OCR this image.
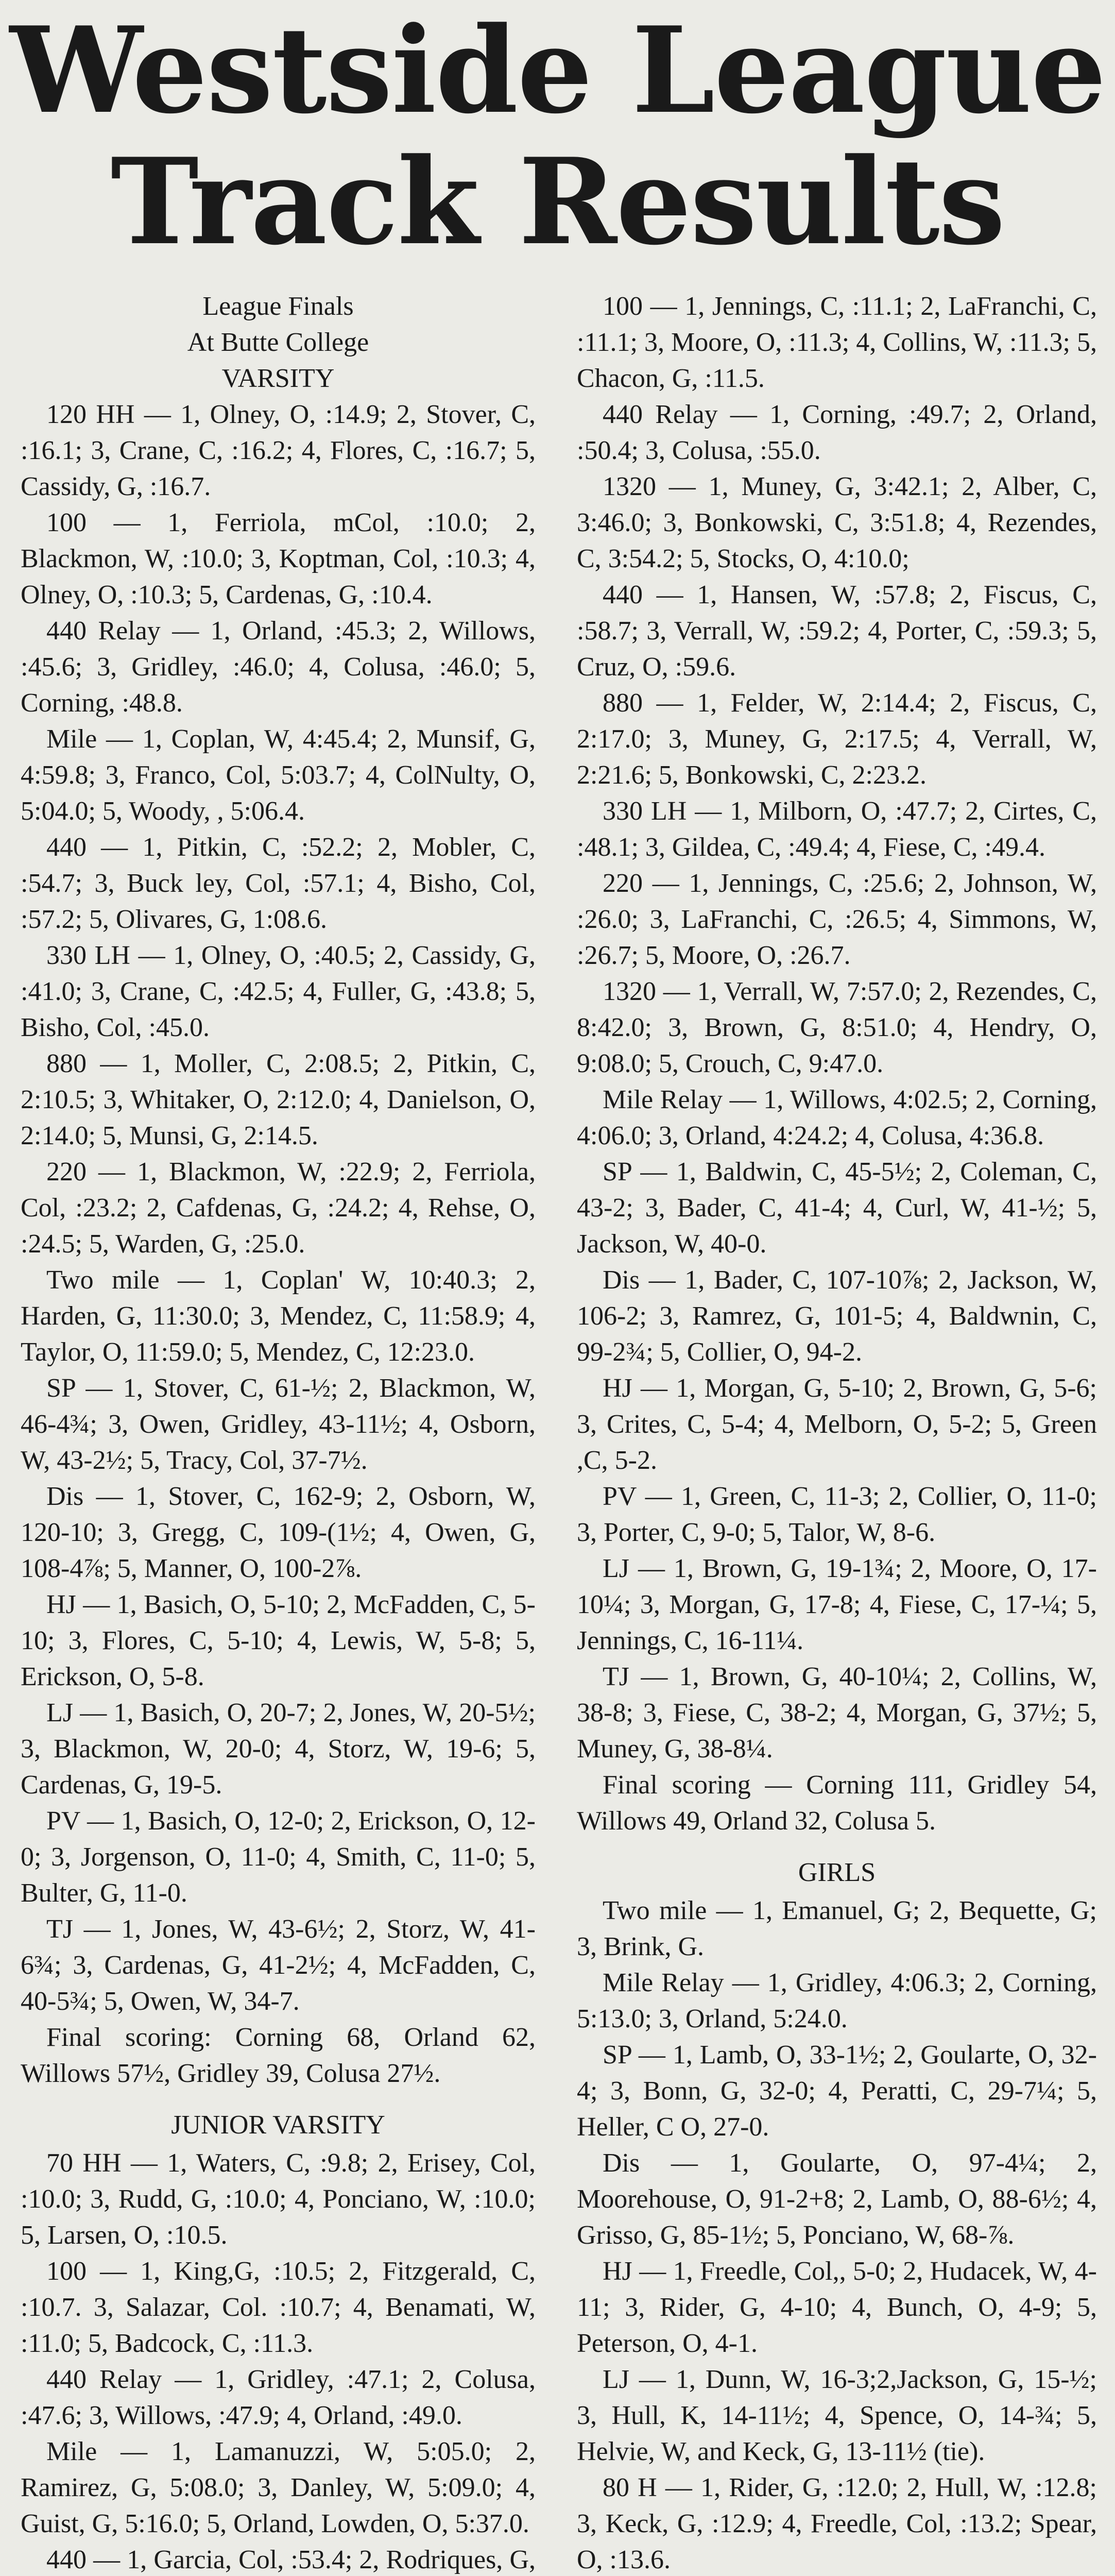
Westside League
Track Results
League Finals
At Butte College
VARSITY

120 HH — 1, Olney, O, :14.9; 2, Stover, C, :16.1; 3, Crane, C, :16.2; 4, Flores, C, :16.7; 5, Cassidy, G, :16.7.

100 — 1, Ferriola, mCol, :10.0; 2, Blackmon, W, :10.0; 3, Koptman, Col, :10.3; 4, Olney, O, :10.3; 5, Cardenas, G, :10.4.

440 Relay — 1, Orland, :45.3; 2, Willows, :45.6; 3, Gridley, :46.0; 4, Colusa, :46.0; 5, Corning, :48.8.

Mile — 1, Coplan, W, 4:45.4; 2, Munsif, G, 4:59.8; 3, Franco, Col, 5:03.7; 4, ColNulty, O, 5:04.0; 5, Woody, , 5:06.4.

440 — 1, Pitkin, C, :52.2; 2, Mobler, C, :54.7; 3, Buck ley, Col, :57.1; 4, Bisho, Col, :57.2; 5, Olivares, G, 1:08.6.

330 LH — 1, Olney, O, :40.5; 2, Cassidy, G, :41.0; 3, Crane, C, :42.5; 4, Fuller, G, :43.8; 5, Bisho, Col, :45.0.

880 — 1, Moller, C, 2:08.5; 2, Pitkin, C, 2:10.5; 3, Whitaker, O, 2:12.0; 4, Danielson, O, 2:14.0; 5, Munsi, G, 2:14.5.

220 — 1, Blackmon, W, :22.9; 2, Ferriola, Col, :23.2; 2, Cafdenas, G, :24.2; 4, Rehse, O, :24.5; 5, Warden, G, :25.0.

Two mile — 1, Coplan' W, 10:40.3; 2, Harden, G, 11:30.0; 3, Mendez, C, 11:58.9; 4, Taylor, O, 11:59.0; 5, Mendez, C, 12:23.0.

SP — 1, Stover, C, 61-½; 2, Blackmon, W, 46-4¾; 3, Owen, Gridley, 43-11½; 4, Osborn, W, 43-2½; 5, Tracy, Col, 37-7½.

Dis — 1, Stover, C, 162-9; 2, Osborn, W, 120-10; 3, Gregg, C, 109-(1½; 4, Owen, G, 108-4⅞; 5, Manner, O, 100-2⅞.

HJ — 1, Basich, O, 5-10; 2, McFadden, C, 5-10; 3, Flores, C, 5-10; 4, Lewis, W, 5-8; 5, Erickson, O, 5-8.

LJ — 1, Basich, O, 20-7; 2, Jones, W, 20-5½; 3, Blackmon, W, 20-0; 4, Storz, W, 19-6; 5, Cardenas, G, 19-5.

PV — 1, Basich, O, 12-0; 2, Erickson, O, 12-0; 3, Jorgenson, O, 11-0; 4, Smith, C, 11-0; 5, Bulter, G, 11-0.

TJ — 1, Jones, W, 43-6½; 2, Storz, W, 41-6¾; 3, Cardenas, G, 41-2½; 4, McFadden, C, 40-5¾; 5, Owen, W, 34-7.

Final scoring: Corning 68, Orland 62, Willows 57½, Gridley 39, Colusa 27½.

JUNIOR VARSITY

70 HH — 1, Waters, C, :9.8; 2, Erisey, Col, :10.0; 3, Rudd, G, :10.0; 4, Ponciano, W, :10.0; 5, Larsen, O, :10.5.

100 — 1, King,G, :10.5; 2, Fitzgerald, C, :10.7. 3, Salazar, Col. :10.7; 4, Benamati, W, :11.0; 5, Badcock, C, :11.3.

440 Relay — 1, Gridley, :47.1; 2, Colusa, :47.6; 3, Willows, :47.9; 4, Orland, :49.0.

Mile — 1, Lamanuzzi, W, 5:05.0; 2, Ramirez, G, 5:08.0; 3, Danley, W, 5:09.0; 4, Guist, G, 5:16.0; 5, Orland, Lowden, O, 5:37.0.

440 — 1, Garcia, Col, :53.4; 2, Rodriques, G,

100 — 1, Jennings, C, :11.1; 2, LaFranchi, C, :11.1; 3, Moore, O, :11.3; 4, Collins, W, :11.3; 5, Chacon, G, :11.5.

440 Relay — 1, Corning, :49.7; 2, Orland, :50.4; 3, Colusa, :55.0.

1320 — 1, Muney, G, 3:42.1; 2, Alber, C, 3:46.0; 3, Bonkowski, C, 3:51.8; 4, Rezendes, C, 3:54.2; 5, Stocks, O, 4:10.0;

440 — 1, Hansen, W, :57.8; 2, Fiscus, C, :58.7; 3, Verrall, W, :59.2; 4, Porter, C, :59.3; 5, Cruz, O, :59.6.

880 — 1, Felder, W, 2:14.4; 2, Fiscus, C, 2:17.0; 3, Muney, G, 2:17.5; 4, Verrall, W, 2:21.6; 5, Bonkowski, C, 2:23.2.

330 LH — 1, Milborn, O, :47.7; 2, Cirtes, C, :48.1; 3, Gildea, C, :49.4; 4, Fiese, C, :49.4.

220 — 1, Jennings, C, :25.6; 2, Johnson, W, :26.0; 3, LaFranchi, C, :26.5; 4, Simmons, W, :26.7; 5, Moore, O, :26.7.

1320 — 1, Verrall, W, 7:57.0; 2, Rezendes, C, 8:42.0; 3, Brown, G, 8:51.0; 4, Hendry, O, 9:08.0; 5, Crouch, C, 9:47.0.

Mile Relay — 1, Willows, 4:02.5; 2, Corning, 4:06.0; 3, Orland, 4:24.2; 4, Colusa, 4:36.8.

SP — 1, Baldwin, C, 45-5½; 2, Coleman, C, 43-2; 3, Bader, C, 41-4; 4, Curl, W, 41-½; 5, Jackson, W, 40-0.

Dis — 1, Bader, C, 107-10⅞; 2, Jackson, W, 106-2; 3, Ramrez, G, 101-5; 4, Baldwnin, C, 99-2¾; 5, Collier, O, 94-2.

HJ — 1, Morgan, G, 5-10; 2, Brown, G, 5-6; 3, Crites, C, 5-4; 4, Melborn, O, 5-2; 5, Green ,C, 5-2.

PV — 1, Green, C, 11-3; 2, Collier, O, 11-0; 3, Porter, C, 9-0; 5, Talor, W, 8-6.

LJ — 1, Brown, G, 19-1¾; 2, Moore, O, 17-10¼; 3, Morgan, G, 17-8; 4, Fiese, C, 17-¼; 5, Jennings, C, 16-11¼.

TJ — 1, Brown, G, 40-10¼; 2, Collins, W, 38-8; 3, Fiese, C, 38-2; 4, Morgan, G, 37½; 5, Muney, G, 38-8¼.

Final scoring — Corning 111, Gridley 54, Willows 49, Orland 32, Colusa 5.

GIRLS

Two mile — 1, Emanuel, G; 2, Bequette, G; 3, Brink, G.

Mile Relay — 1, Gridley, 4:06.3; 2, Corning, 5:13.0; 3, Orland, 5:24.0.

SP — 1, Lamb, O, 33-1½; 2, Goularte, O, 32-4; 3, Bonn, G, 32-0; 4, Peratti, C, 29-7¼; 5, Heller, C O, 27-0.

Dis — 1, Goularte, O, 97-4¼; 2, Moorehouse, O, 91-2+8; 2, Lamb, O, 88-6½; 4, Grisso, G, 85-1½; 5, Ponciano, W, 68-⅞.

HJ — 1, Freedle, Col,, 5-0; 2, Hudacek, W, 4-11; 3, Rider, G, 4-10; 4, Bunch, O, 4-9; 5, Peterson, O, 4-1.

LJ — 1, Dunn, W, 16-3;2,Jackson, G, 15-½; 3, Hull, K, 14-11½; 4, Spence, O, 14-¾; 5, Helvie, W, and Keck, G, 13-11½ (tie).

80 H — 1, Rider, G, :12.0; 2, Hull, W, :12.8; 3, Keck, G, :12.9; 4, Freedle, Col, :13.2; Spear, O, :13.6.
